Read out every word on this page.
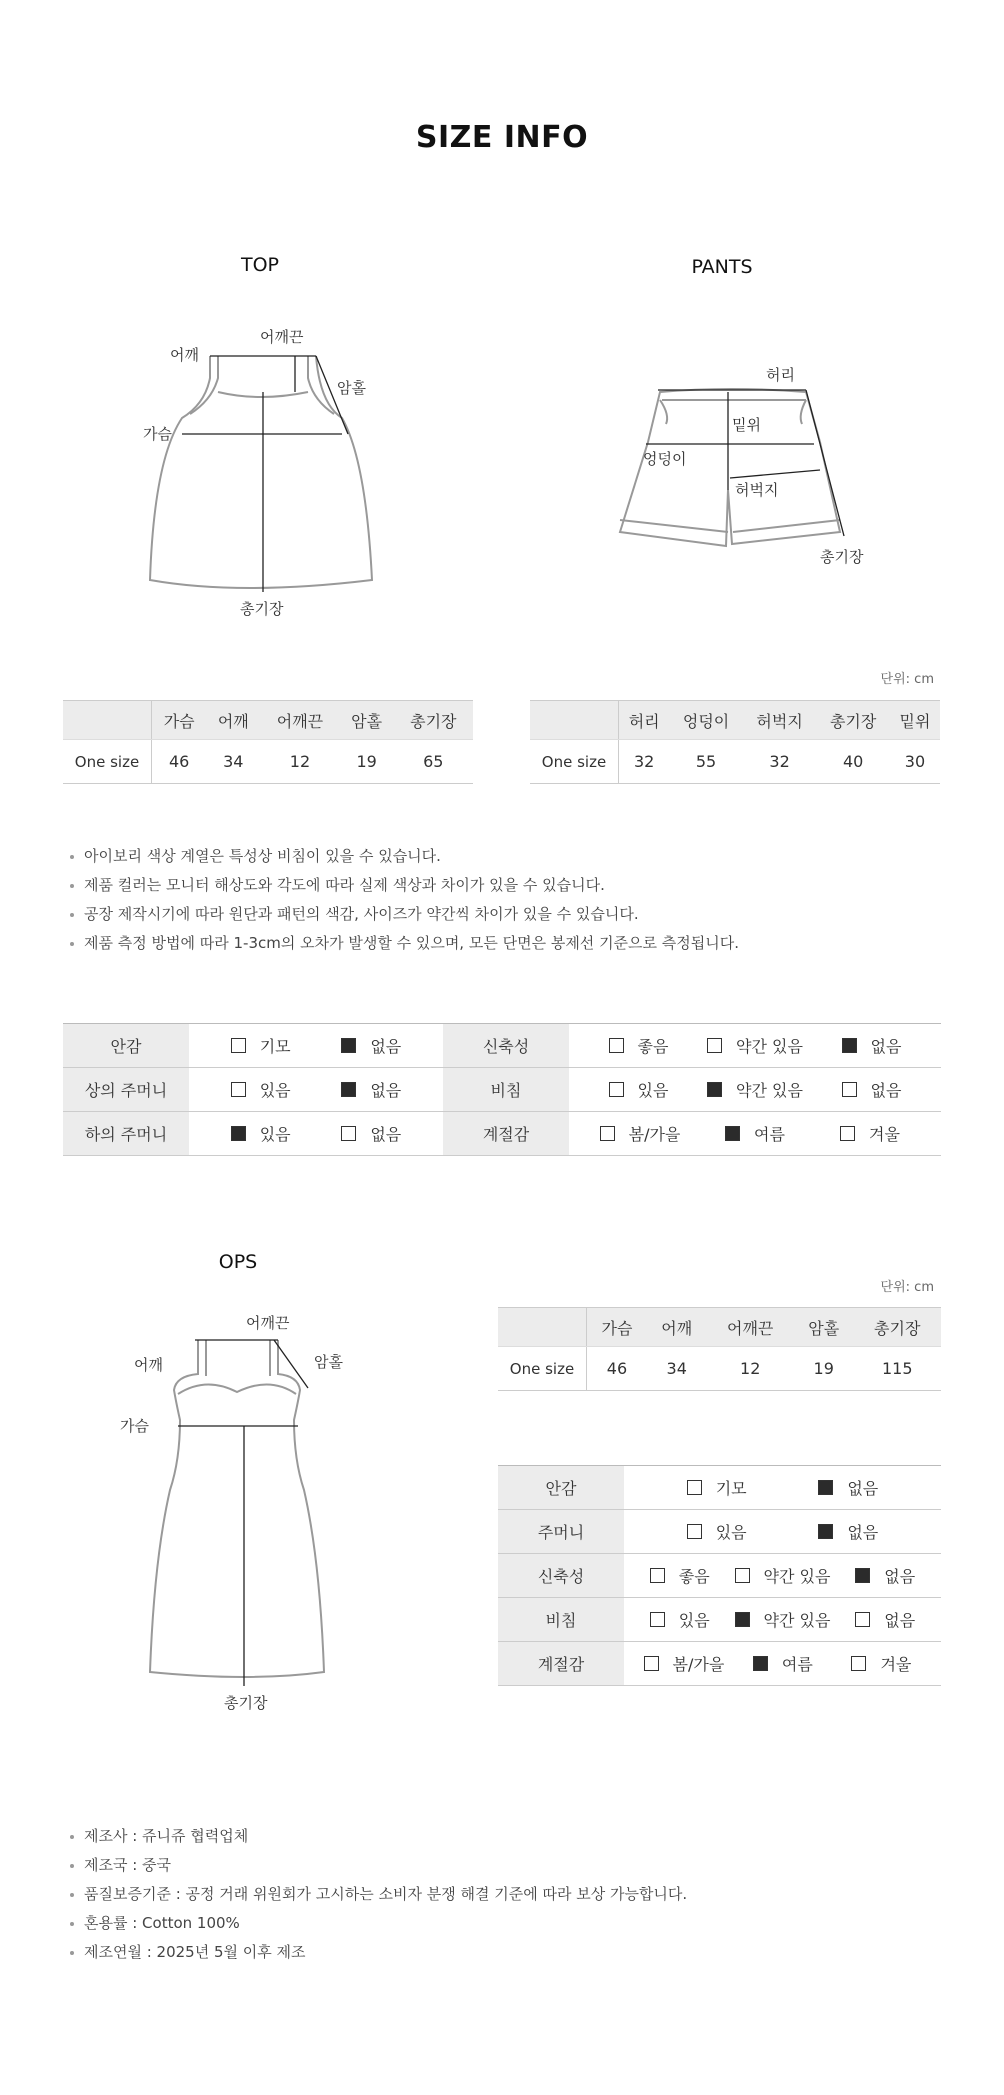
SIZE INFO
TOP
어깨
어깨끈
암홀
가슴
총기장
PANTS
허리
밑위
엉덩이
허벅지
총기장
단위: cm
	가슴	어깨	어깨끈	암홀	총기장
One size	46	34	12	19	65
	허리	엉덩이	허벅지	총기장	밑위
One size	32	55	32	40	30
아이보리 색상 계열은 특성상 비침이 있을 수 있습니다.
제품 컬러는 모니터 해상도와 각도에 따라 실제 색상과 차이가 있을 수 있습니다.
공장 제작시기에 따라 원단과 패턴의 색감, 사이즈가 약간씩 차이가 있을 수 있습니다.
제품 측정 방법에 따라 1-3cm의 오차가 발생할 수 있으며, 모든 단면은 봉제선 기준으로 측정됩니다.
안감	기모 없음	신축성	좋음 약간 있음 없음

상의 주머니	있음 없음	비침	있음 약간 있음 없음

하의 주머니	있음 없음	계절감	봄/가을 여름 겨울
OPS
어깨끈
어깨	암홀
가슴
총기장
단위: cm
	가슴	어깨	어깨끈	암홀	총기장
One size	46	34	12	19	115
안감	기모 없음

주머니	있음 없음

신축성	좋음 약간 있음 없음

비침	있음 약간 있음 없음

계절감	봄/가을 여름 겨울
제조사 : 쥬니쥬 협력업체
제조국 : 중국
품질보증기준 : 공정 거래 위원회가 고시하는 소비자 분쟁 해결 기준에 따라 보상 가능합니다.
혼용률 : Cotton 100%
제조연월 : 2025년 5월 이후 제조
